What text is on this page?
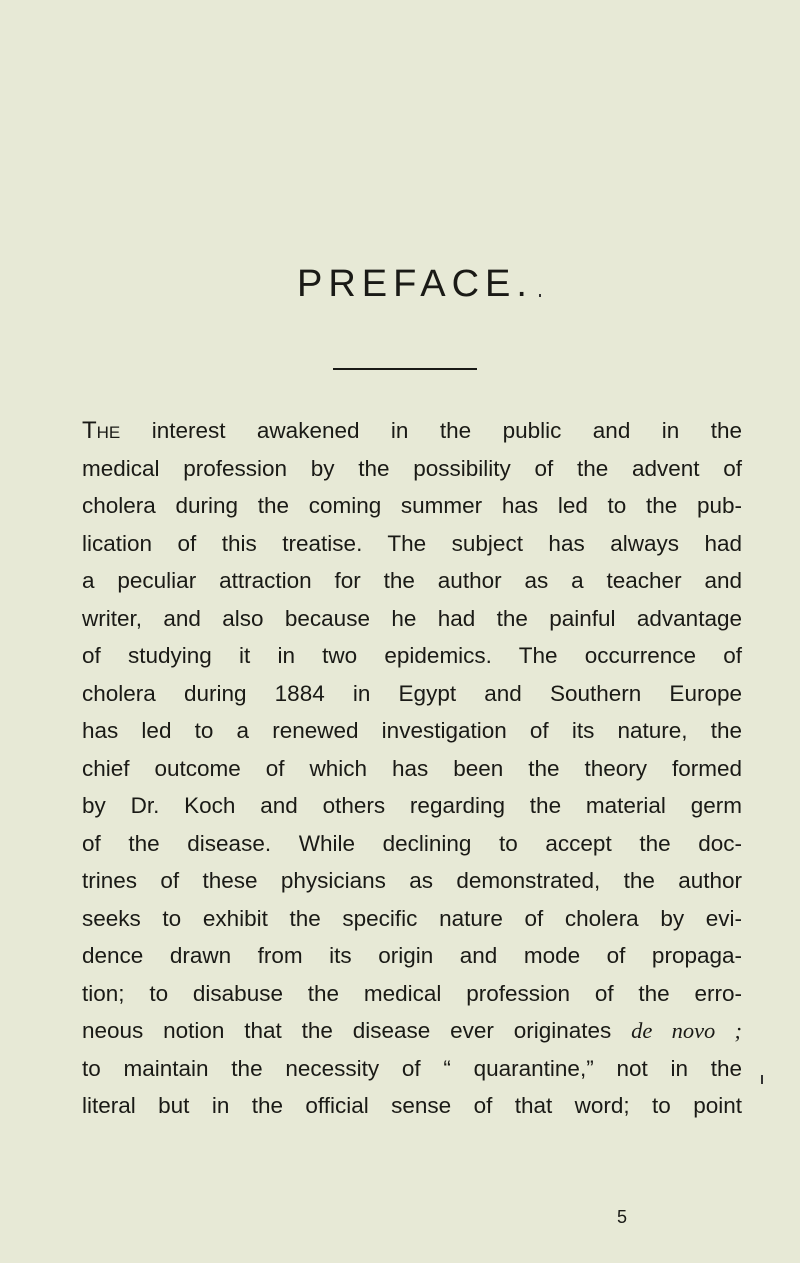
PREFACE.
The interest awakened in the public and in the
medical profession by the possibility of the advent of
cholera during the coming summer has led to the pub-
lication of this treatise. The subject has always had
a peculiar attraction for the author as a teacher and
writer, and also because he had the painful advantage
of studying it in two epidemics. The occurrence of
cholera during 1884 in Egypt and Southern Europe
has led to a renewed investigation of its nature, the
chief outcome of which has been the theory formed
by Dr. Koch and others regarding the material germ
of the disease. While declining to accept the doc-
trines of these physicians as demonstrated, the author
seeks to exhibit the specific nature of cholera by evi-
dence drawn from its origin and mode of propaga-
tion; to disabuse the medical profession of the erro-
neous notion that the disease ever originates de novo ;
to maintain the necessity of “ quarantine,” not in the
literal but in the official sense of that word; to point
5
